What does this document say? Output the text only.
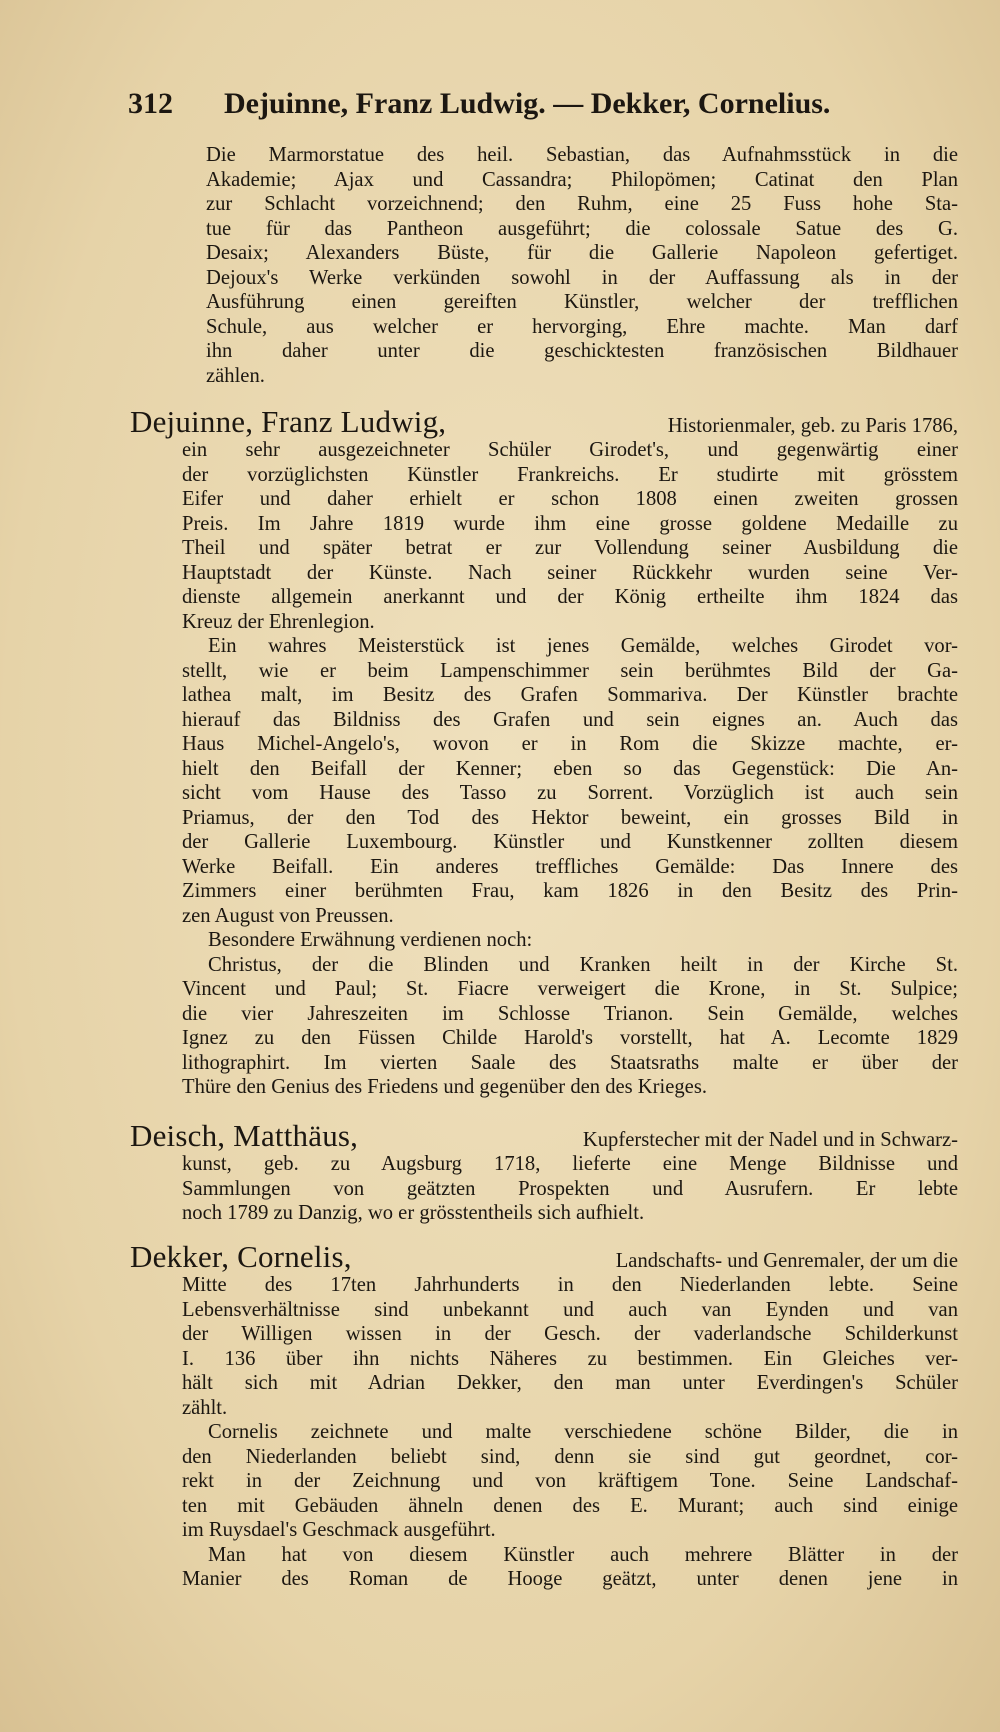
312 Dejuinne, Franz Ludwig. — Dekker, Cornelius.
Die Marmorstatue des heil. Sebastian, das Aufnahmsstück in die
Akademie; Ajax und Cassandra; Philopömen; Catinat den Plan
zur Schlacht vorzeichnend; den Ruhm, eine 25 Fuss hohe Sta-
tue für das Pantheon ausgeführt; die colossale Satue des G.
Desaix; Alexanders Büste, für die Gallerie Napoleon gefertiget.
Dejoux's Werke verkünden sowohl in der Auffassung als in der
Ausführung einen gereiften Künstler, welcher der trefflichen
Schule, aus welcher er hervorging, Ehre machte. Man darf
ihn daher unter die geschicktesten französischen Bildhauer
zählen.
Dejuinne, Franz Ludwig,	Historienmaler, geb. zu Paris 1786,
ein sehr ausgezeichneter Schüler Girodet's, und gegenwärtig einer
der vorzüglichsten Künstler Frankreichs. Er studirte mit grösstem
Eifer und daher erhielt er schon 1808 einen zweiten grossen
Preis. Im Jahre 1819 wurde ihm eine grosse goldene Medaille zu
Theil und später betrat er zur Vollendung seiner Ausbildung die
Hauptstadt der Künste. Nach seiner Rückkehr wurden seine Ver-
dienste allgemein anerkannt und der König ertheilte ihm 1824 das
Kreuz der Ehrenlegion.
Ein wahres Meisterstück ist jenes Gemälde, welches Girodet vor-
stellt, wie er beim Lampenschimmer sein berühmtes Bild der Ga-
lathea malt, im Besitz des Grafen Sommariva. Der Künstler brachte
hierauf das Bildniss des Grafen und sein eignes an. Auch das
Haus Michel-Angelo's, wovon er in Rom die Skizze machte, er-
hielt den Beifall der Kenner; eben so das Gegenstück: Die An-
sicht vom Hause des Tasso zu Sorrent. Vorzüglich ist auch sein
Priamus, der den Tod des Hektor beweint, ein grosses Bild in
der Gallerie Luxembourg. Künstler und Kunstkenner zollten diesem
Werke Beifall. Ein anderes treffliches Gemälde: Das Innere des
Zimmers einer berühmten Frau, kam 1826 in den Besitz des Prin-
zen August von Preussen.
Besondere Erwähnung verdienen noch:
Christus, der die Blinden und Kranken heilt in der Kirche St.
Vincent und Paul; St. Fiacre verweigert die Krone, in St. Sulpice;
die vier Jahreszeiten im Schlosse Trianon. Sein Gemälde, welches
Ignez zu den Füssen Childe Harold's vorstellt, hat A. Lecomte 1829
lithographirt. Im vierten Saale des Staatsraths malte er über der
Thüre den Genius des Friedens und gegenüber den des Krieges.
Deisch, Matthäus,	Kupferstecher mit der Nadel und in Schwarz-
kunst, geb. zu Augsburg 1718, lieferte eine Menge Bildnisse und
Sammlungen von geätzten Prospekten und Ausrufern. Er lebte
noch 1789 zu Danzig, wo er grösstentheils sich aufhielt.
Dekker, Cornelis,	Landschafts- und Genremaler, der um die
Mitte des 17ten Jahrhunderts in den Niederlanden lebte. Seine
Lebensverhältnisse sind unbekannt und auch van Eynden und van
der Willigen wissen in der Gesch. der vaderlandsche Schilderkunst
I. 136 über ihn nichts Näheres zu bestimmen. Ein Gleiches ver-
hält sich mit Adrian Dekker, den man unter Everdingen's Schüler
zählt.
Cornelis zeichnete und malte verschiedene schöne Bilder, die in
den Niederlanden beliebt sind, denn sie sind gut geordnet, cor-
rekt in der Zeichnung und von kräftigem Tone. Seine Landschaf-
ten mit Gebäuden ähneln denen des E. Murant; auch sind einige
im Ruysdael's Geschmack ausgeführt.
Man hat von diesem Künstler auch mehrere Blätter in der
Manier des Roman de Hooge geätzt, unter denen jene in
